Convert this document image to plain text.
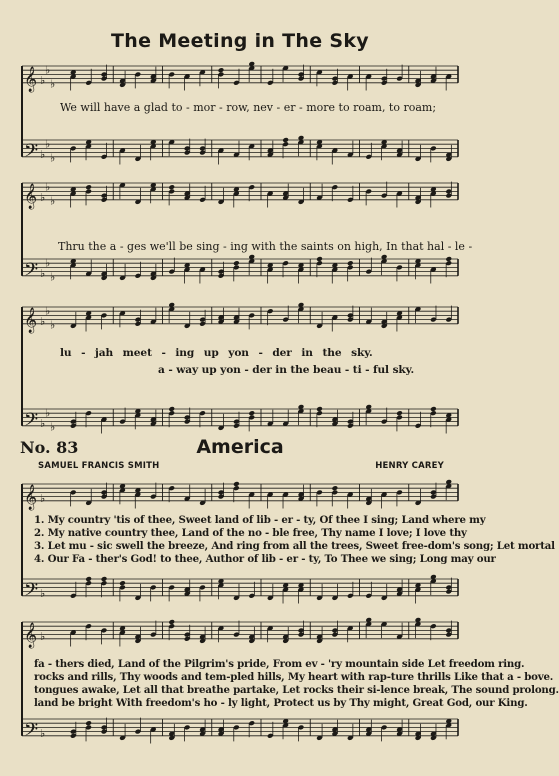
𝄞 ♭
♭
♭
𝄢 ♭
♭
♭
𝄞 ♭
♭
♭
𝄢 ♭
♭
♭
𝄞 ♭
♭
♭
𝄢 ♭
♭
♭
𝄞 ♭
𝄢 ♭
𝄞 ♭
𝄢 ♭
The Meeting in The Sky
We will have a glad to - mor - row, nev - er - more to roam, to roam;
Thru the a - ges we'll be sing - ing with the saints on high, In that hal - le -
lu - jah meet - ing up yon - der in the sky.
a - way up yon - der in the beau - ti - ful sky.
No. 83	America
SAMUEL FRANCIS SMITH	HENRY CAREY
1. My country 'tis of thee, Sweet land of lib - er - ty, Of thee I sing; Land where my
2. My native country thee, Land of the no - ble free, Thy name I love; I love thy
3. Let mu - sic swell the breeze, And ring from all the trees, Sweet free-dom's song; Let mortal
4. Our Fa - ther's God! to thee, Author of lib - er - ty, To Thee we sing; Long may our
fa - thers died, Land of the Pilgrim's pride, From ev - 'ry mountain side Let freedom ring.
rocks and rills, Thy woods and tem-pled hills, My heart with rap-ture thrills Like that a - bove.
tongues awake, Let all that breathe partake, Let rocks their si-lence break, The sound prolong.
land be bright With freedom's ho - ly light, Protect us by Thy might, Great God, our King.
